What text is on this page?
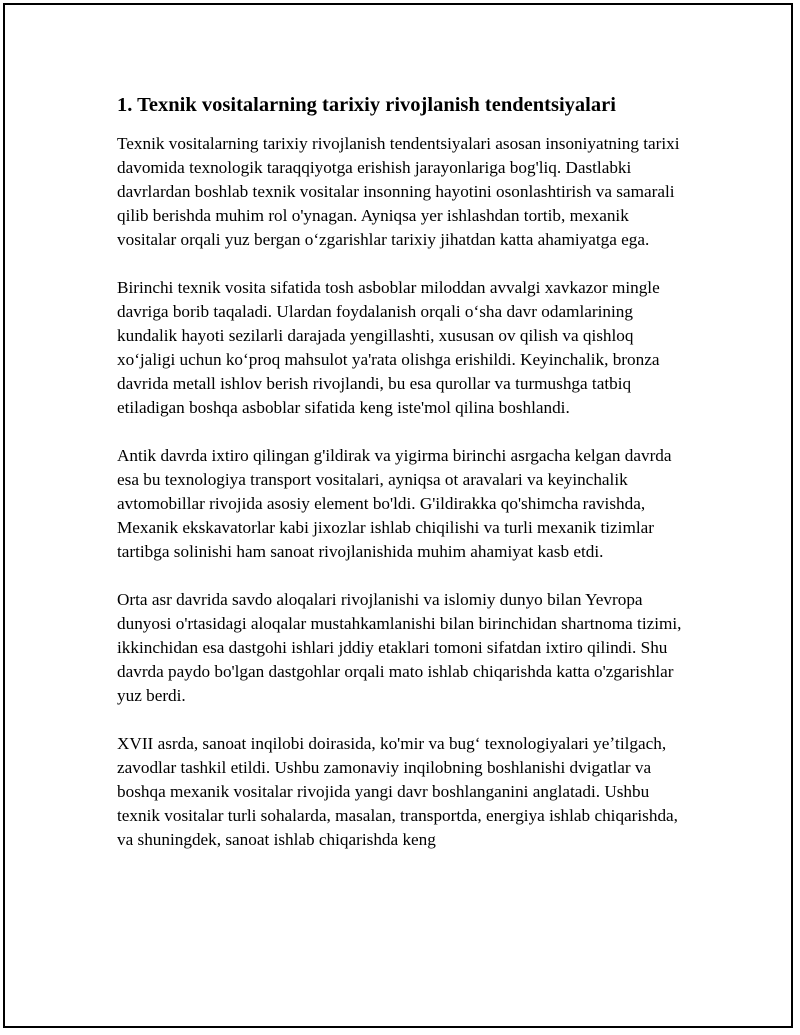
1. Texnik vositalarning tarixiy rivojlanish tendentsiyalari

Texnik vositalarning tarixiy rivojlanish tendentsiyalari asosan insoniyatning tarixi davomida texnologik taraqqiyotga erishish jarayonlariga bog'liq. Dastlabki davrlardan boshlab texnik vositalar insonning hayotini osonlashtirish va samarali qilib berishda muhim rol o'ynagan. Ayniqsa yer ishlashdan tortib, mexanik vositalar orqali yuz bergan oʻzgarishlar tarixiy jihatdan katta ahamiyatga ega.

Birinchi texnik vosita sifatida tosh asboblar miloddan avvalgi xavkazor mingle davriga borib taqaladi. Ulardan foydalanish orqali oʻsha davr odamlarining kundalik hayoti sezilarli darajada yengillashti, xususan ov qilish va qishloq xoʻjaligi uchun koʻproq mahsulot ya'rata olishga erishildi. Keyinchalik, bronza davrida metall ishlov berish rivojlandi, bu esa qurollar va turmushga tatbiq etiladigan boshqa asboblar sifatida keng iste'mol qilina boshlandi.

Antik davrda ixtiro qilingan g'ildirak va yigirma birinchi asrgacha kelgan davrda esa bu texnologiya transport vositalari, ayniqsa ot aravalari va keyinchalik avtomobillar rivojida asosiy element bo'ldi. G'ildirakka qo'shimcha ravishda, Mexanik ekskavatorlar kabi jixozlar ishlab chiqilishi va turli mexanik tizimlar tartibga solinishi ham sanoat rivojlanishida muhim ahamiyat kasb etdi.

Orta asr davrida savdo aloqalari rivojlanishi va islomiy dunyo bilan Yevropa dunyosi o'rtasidagi aloqalar mustahkamlanishi bilan birinchidan shartnoma tizimi, ikkinchidan esa dastgohi ishlari jddiy etaklari tomoni sifatdan ixtiro qilindi. Shu davrda paydo bo'lgan dastgohlar orqali mato ishlab chiqarishda katta o'zgarishlar yuz berdi.

XVII asrda, sanoat inqilobi doirasida, ko'mir va bugʻ texnologiyalari yeʼtilgach, zavodlar tashkil etildi. Ushbu zamonaviy inqilobning boshlanishi dvigatlar va boshqa mexanik vositalar rivojida yangi davr boshlanganini anglatadi. Ushbu texnik vositalar turli sohalarda, masalan, transportda, energiya ishlab chiqarishda, va shuningdek, sanoat ishlab chiqarishda keng
